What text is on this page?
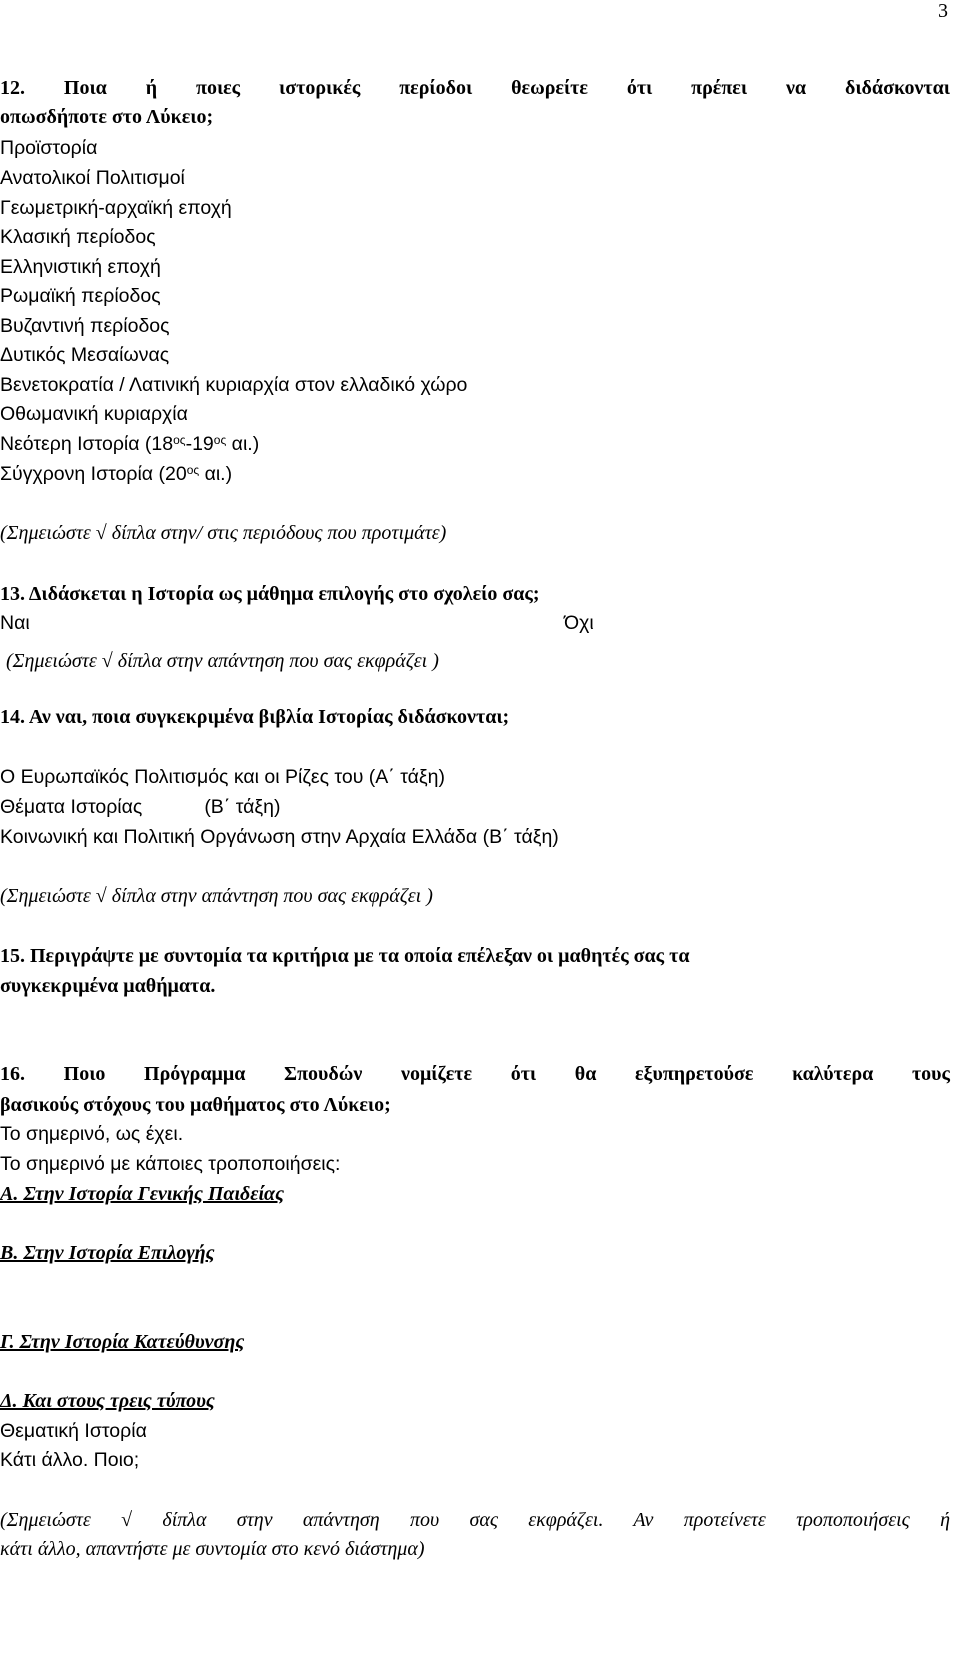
3
12. Ποια ή ποιες ιστορικές περίοδοι θεωρείτε ότι πρέπει να διδάσκονται
οπωσδήποτε στο Λύκειο;
Προϊστορία
Ανατολικοί Πολιτισμοί
Γεωμετρική-αρχαϊκή εποχή
Κλασική περίοδος
Ελληνιστική εποχή
Ρωμαϊκή περίοδος
Βυζαντινή περίοδος
Δυτικός Μεσαίωνας
Βενετοκρατία / Λατινική κυριαρχία στον ελλαδικό χώρο
Οθωμανική κυριαρχία
Νεότερη Ιστορία ($18^{o\varsigma}-19^{o\varsigma}$ αι.)
Σύγχρονη Ιστορία ($20^{o\varsigma}$ αι.)
(Σημειώστε √ δίπλα στην/ στις περιόδους που προτιμάτε)
13. Διδάσκεται η Ιστορία ως μάθημα επιλογής στο σχολείο σας;
Ναι	Όχι
(Σημειώστε √ δίπλα στην απάντηση που σας εκφράζει )
14. Αν ναι, ποια συγκεκριμένα βιβλία Ιστορίας διδάσκονται;
Ο Ευρωπαϊκός Πολιτισμός και οι Ρίζες του (Α΄ τάξη)
Θέματα Ιστορίας	(Β΄ τάξη)
Κοινωνική και Πολιτική Οργάνωση στην Αρχαία Ελλάδα (Β΄ τάξη)
(Σημειώστε √ δίπλα στην απάντηση που σας εκφράζει )
15. Περιγράψτε με συντομία τα κριτήρια με τα οποία επέλεξαν οι μαθητές σας τα
συγκεκριμένα μαθήματα.
16. Ποιο Πρόγραμμα Σπουδών νομίζετε ότι θα εξυπηρετούσε καλύτερα τους
βασικούς στόχους του μαθήματος στο Λύκειο;
Το σημερινό, ως έχει.
Το σημερινό με κάποιες τροποποιήσεις:
Α. Στην Ιστορία Γενικής Παιδείας
Β. Στην Ιστορία Επιλογής
Γ. Στην Ιστορία Κατεύθυνσης
Δ. Και στους τρεις τύπους
Θεματική Ιστορία
Κάτι άλλο. Ποιο;
(Σημειώστε √ δίπλα στην απάντηση που σας εκφράζει. Αν προτείνετε τροποποιήσεις ή
κάτι άλλο, απαντήστε με συντομία στο κενό διάστημα)
